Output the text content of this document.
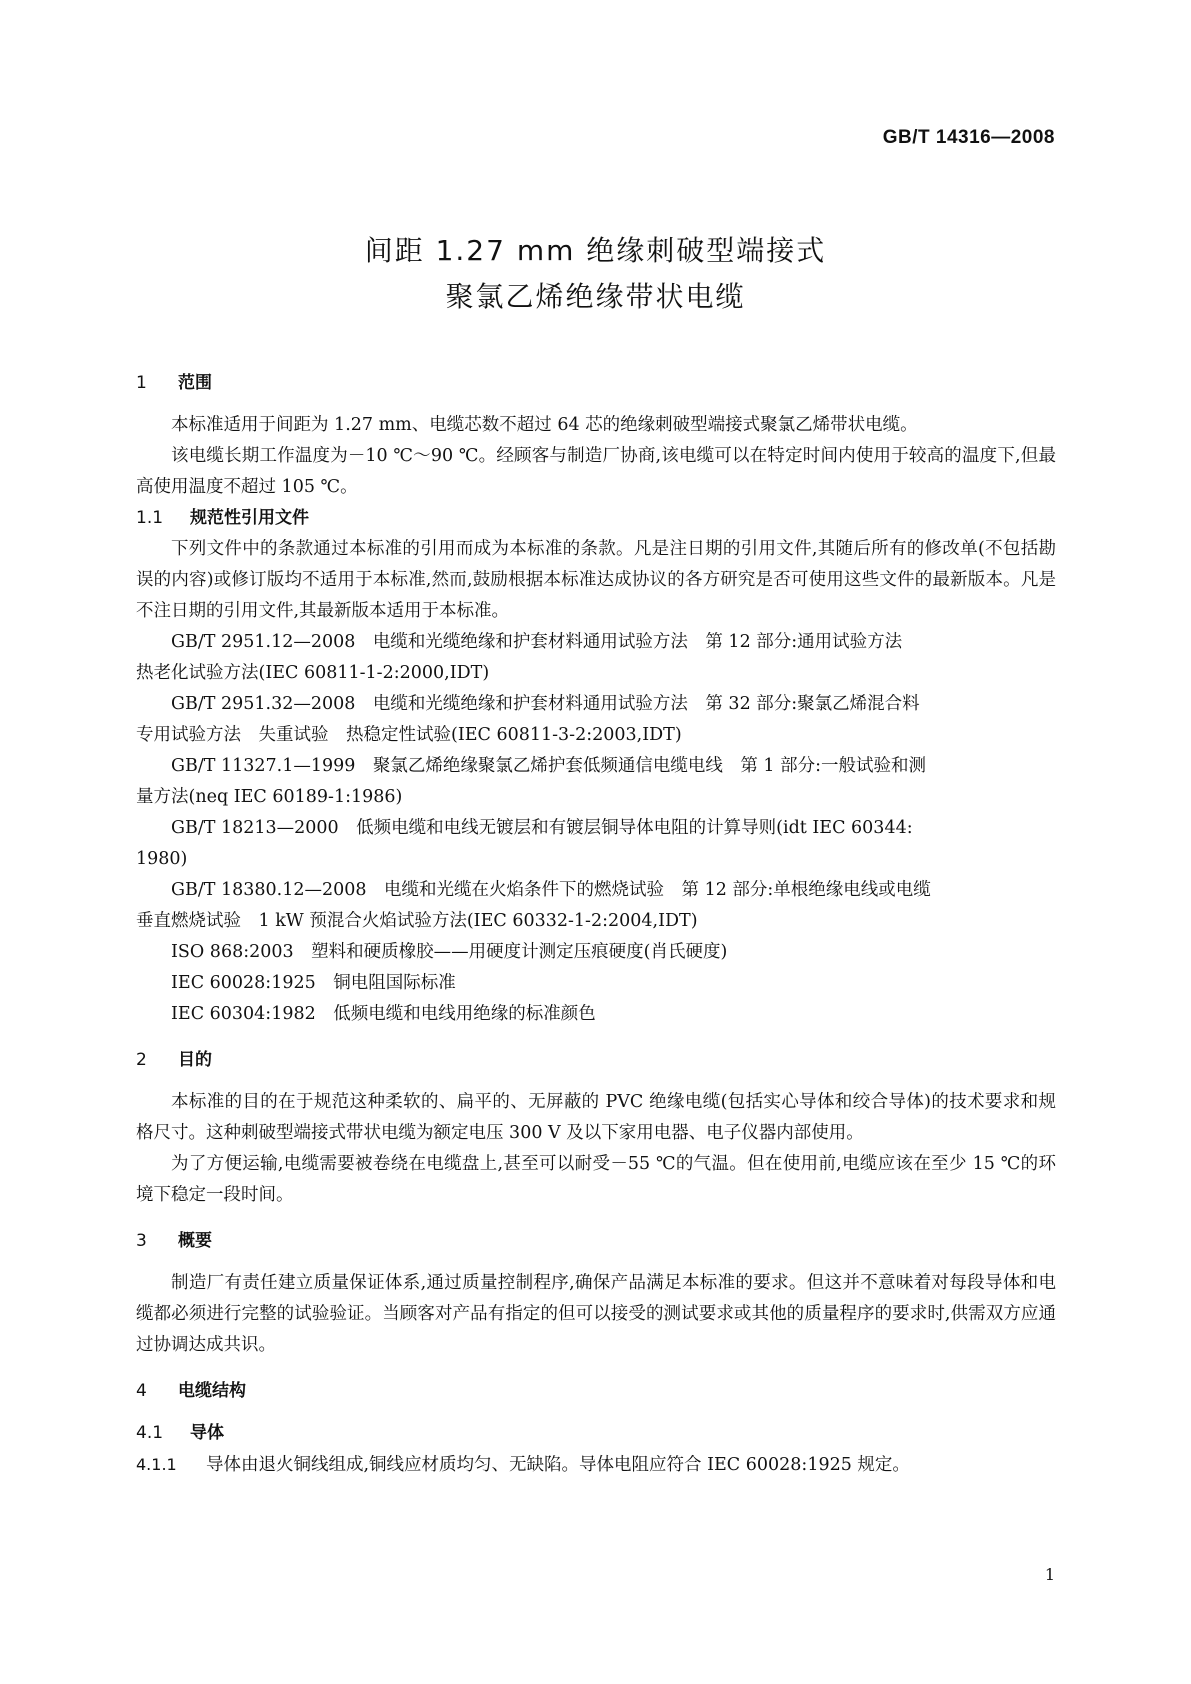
GB/T 14316—2008
间距 1.27 mm 绝缘刺破型端接式
聚氯乙烯绝缘带状电缆
1 范围

本标准适用于间距为 1.27 mm、电缆芯数不超过 64 芯的绝缘刺破型端接式聚氯乙烯带状电缆。

该电缆长期工作温度为－10 ℃～90 ℃。经顾客与制造厂协商,该电缆可以在特定时间内使用于较高的温度下,但最高使用温度不超过 105 ℃。

1.1 规范性引用文件

下列文件中的条款通过本标准的引用而成为本标准的条款。凡是注日期的引用文件,其随后所有的修改单(不包括勘误的内容)或修订版均不适用于本标准,然而,鼓励根据本标准达成协议的各方研究是否可使用这些文件的最新版本。凡是不注日期的引用文件,其最新版本适用于本标准。

GB/T 2951.12—2008　电缆和光缆绝缘和护套材料通用试验方法　第 12 部分:通用试验方法
热老化试验方法(IEC 60811-1-2:2000,IDT)
GB/T 2951.32—2008　电缆和光缆绝缘和护套材料通用试验方法　第 32 部分:聚氯乙烯混合料
专用试验方法　失重试验　热稳定性试验(IEC 60811-3-2:2003,IDT)
GB/T 11327.1—1999　聚氯乙烯绝缘聚氯乙烯护套低频通信电缆电线　第 1 部分:一般试验和测
量方法(neq IEC 60189-1:1986)
GB/T 18213—2000　低频电缆和电线无镀层和有镀层铜导体电阻的计算导则(idt IEC 60344:
1980)
GB/T 18380.12—2008　电缆和光缆在火焰条件下的燃烧试验　第 12 部分:单根绝缘电线或电缆
垂直燃烧试验　1 kW 预混合火焰试验方法(IEC 60332-1-2:2004,IDT)
ISO 868:2003　塑料和硬质橡胶——用硬度计测定压痕硬度(肖氏硬度)
IEC 60028:1925　铜电阻国际标准
IEC 60304:1982　低频电缆和电线用绝缘的标准颜色
2 目的

本标准的目的在于规范这种柔软的、扁平的、无屏蔽的 PVC 绝缘电缆(包括实心导体和绞合导体)的技术要求和规格尺寸。这种刺破型端接式带状电缆为额定电压 300 V 及以下家用电器、电子仪器内部使用。

为了方便运输,电缆需要被卷绕在电缆盘上,甚至可以耐受－55 ℃的气温。但在使用前,电缆应该在至少 15 ℃的环境下稳定一段时间。

3 概要

制造厂有责任建立质量保证体系,通过质量控制程序,确保产品满足本标准的要求。但这并不意味着对每段导体和电缆都必须进行完整的试验验证。当顾客对产品有指定的但可以接受的测试要求或其他的质量程序的要求时,供需双方应通过协调达成共识。

4 电缆结构
4.1 导体

4.1.1 导体由退火铜线组成,铜线应材质均匀、无缺陷。导体电阻应符合 IEC 60028:1925 规定。

1
